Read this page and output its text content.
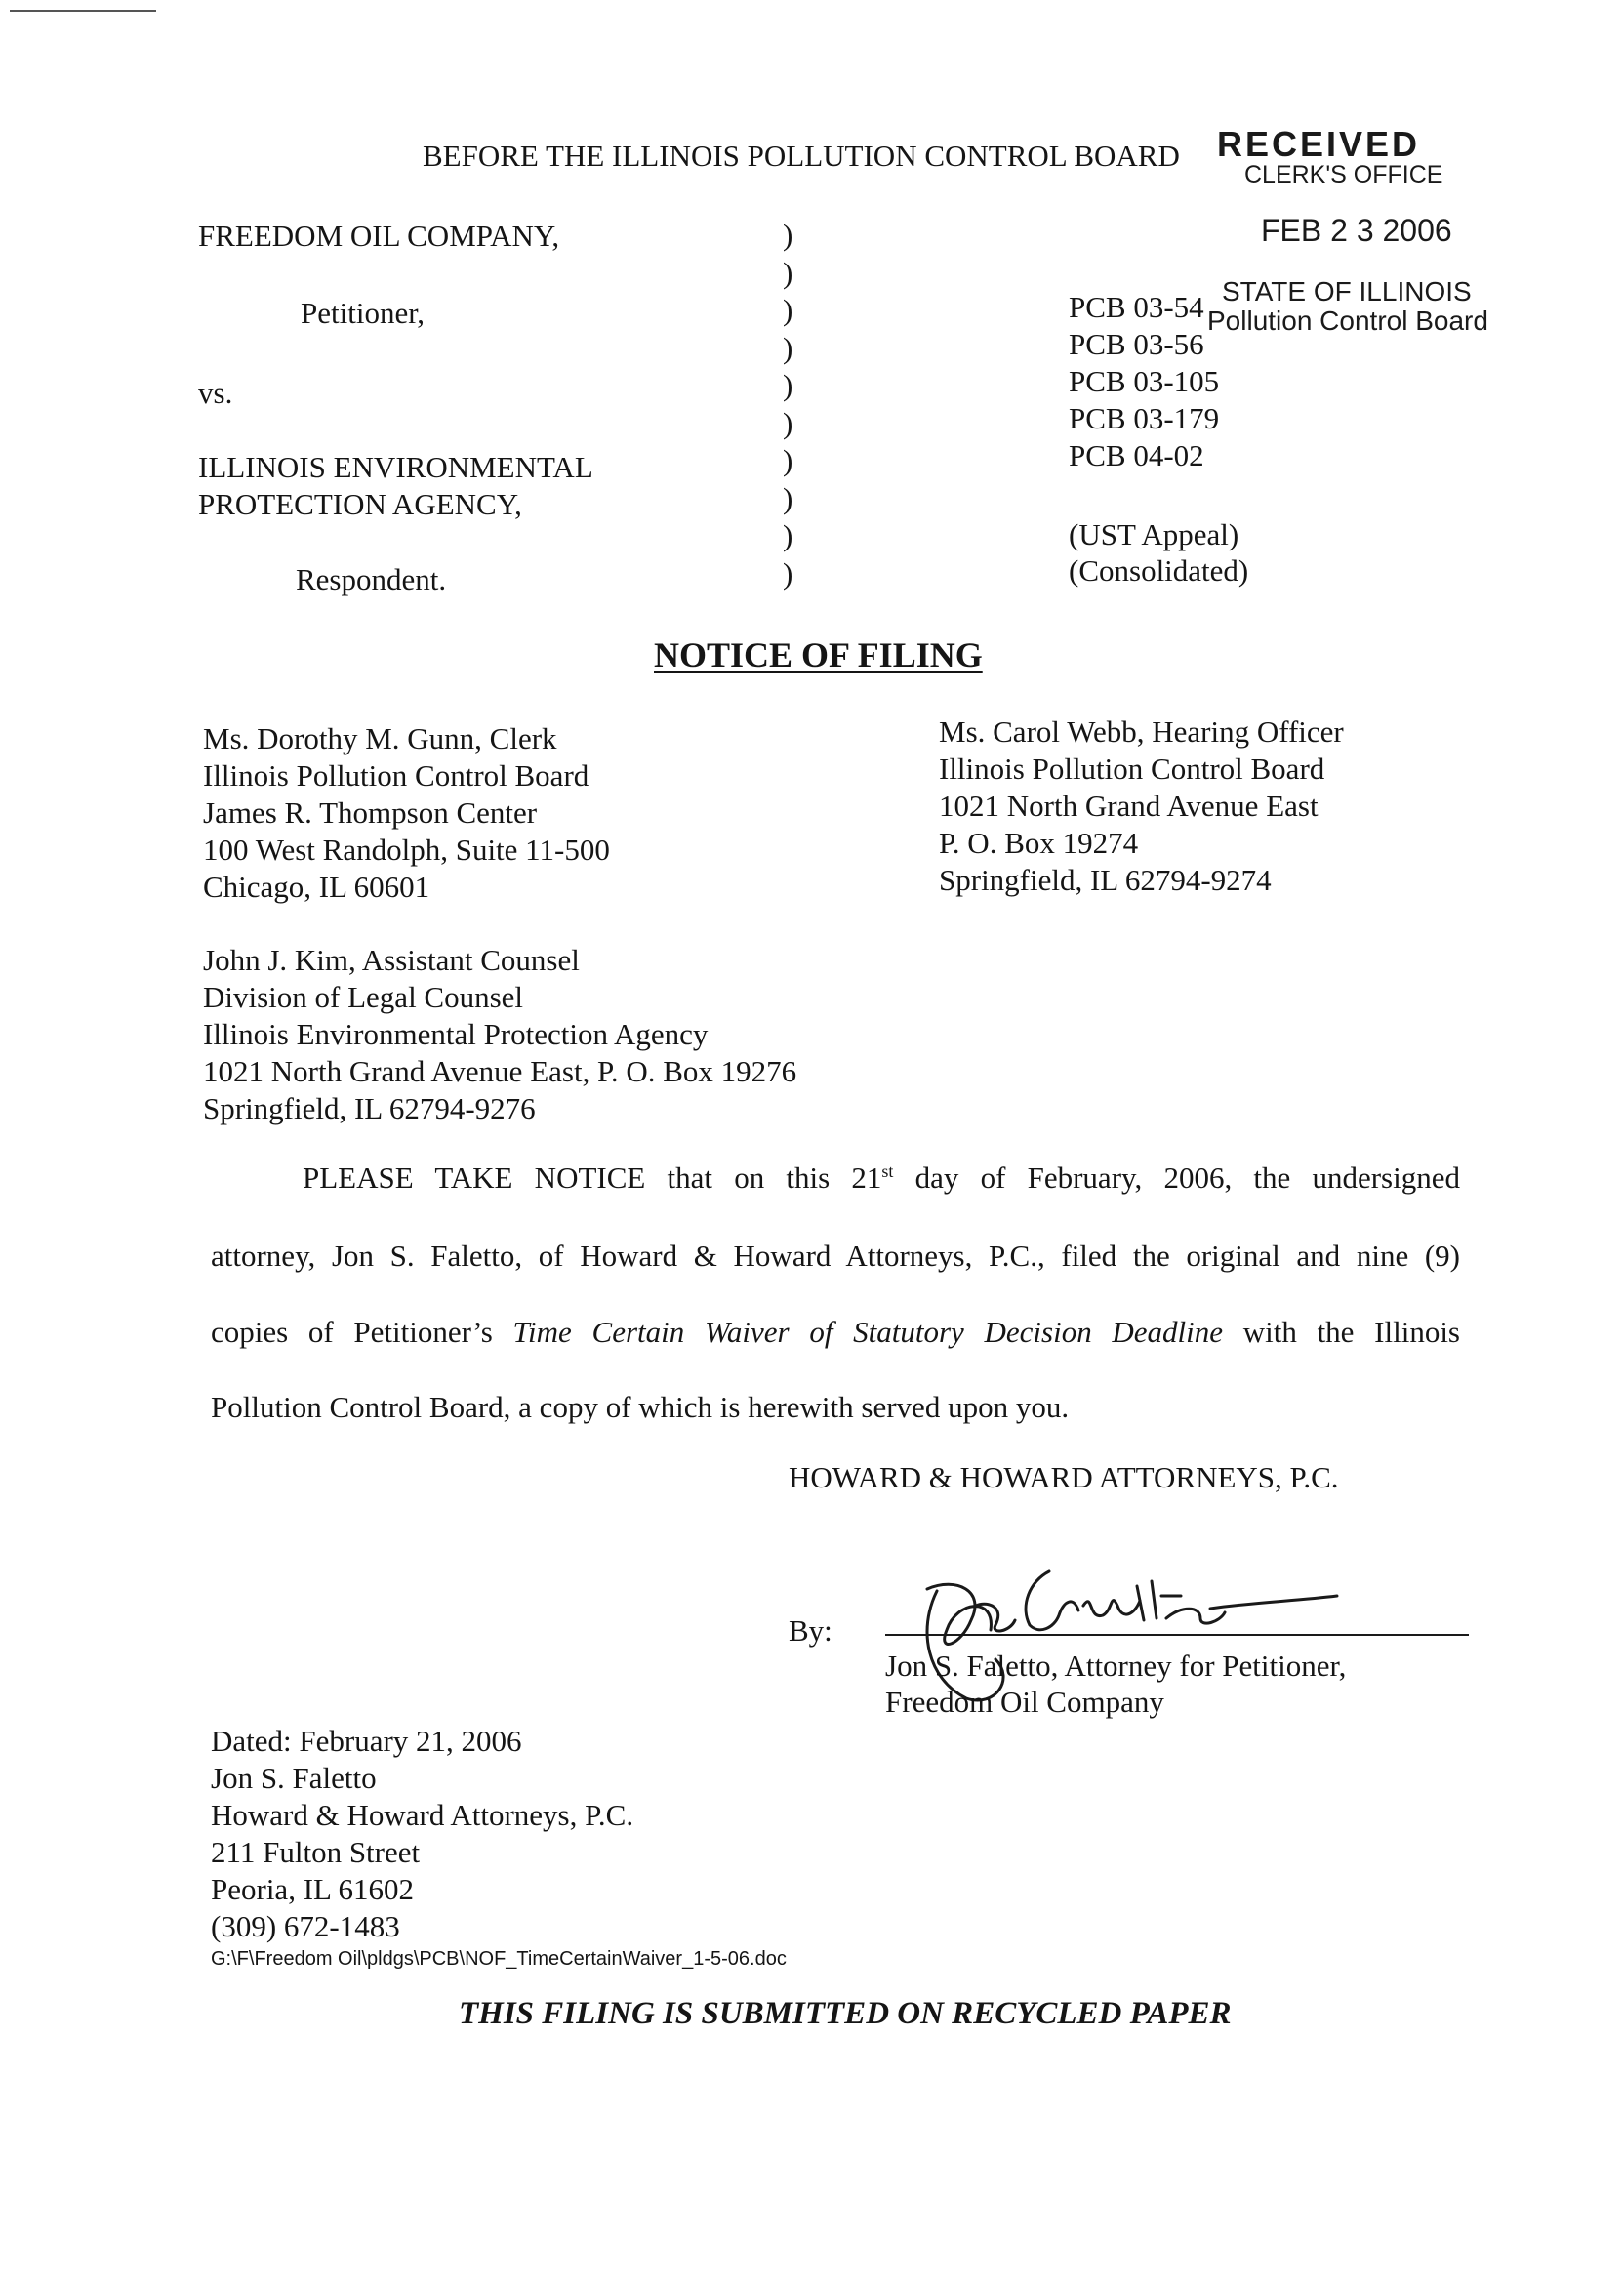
BEFORE THE ILLINOIS POLLUTION CONTROL BOARD RECEIVED
CLERK'S OFFICE
FEB 2 3 2006
STATE OF ILLINOIS
Pollution Control Board
FREEDOM OIL COMPANY,
Petitioner,
vs.
ILLINOIS ENVIRONMENTAL
PROTECTION AGENCY,
Respondent.
)
)
)
)
)
)
)
)
)
)
PCB 03-54
PCB 03-56
PCB 03-105
PCB 03-179
PCB 04-02
(UST Appeal)
(Consolidated)
NOTICE OF FILING
Ms. Dorothy M. Gunn, Clerk
Illinois Pollution Control Board
James R. Thompson Center
100 West Randolph, Suite 11-500
Chicago, IL 60601
Ms. Carol Webb, Hearing Officer
Illinois Pollution Control Board
1021 North Grand Avenue East
P. O. Box 19274
Springfield, IL 62794-9274
John J. Kim, Assistant Counsel
Division of Legal Counsel
Illinois Environmental Protection Agency
1021 North Grand Avenue East, P. O. Box 19276
Springfield, IL 62794-9276
PLEASE TAKE NOTICE that on this 21st day of February, 2006, the undersigned
attorney, Jon S. Faletto, of Howard & Howard Attorneys, P.C., filed the original and nine (9)
copies of Petitioner’s Time Certain Waiver of Statutory Decision Deadline with the Illinois
Pollution Control Board, a copy of which is herewith served upon you.
HOWARD & HOWARD ATTORNEYS, P.C.
By:
Jon S. Faletto, Attorney for Petitioner,
Freedom Oil Company
Dated: February 21, 2006
Jon S. Faletto
Howard & Howard Attorneys, P.C.
211 Fulton Street
Peoria, IL 61602
(309) 672-1483
G:\F\Freedom Oil\pldgs\PCB\NOF_TimeCertainWaiver_1-5-06.doc
THIS FILING IS SUBMITTED ON RECYCLED PAPER
